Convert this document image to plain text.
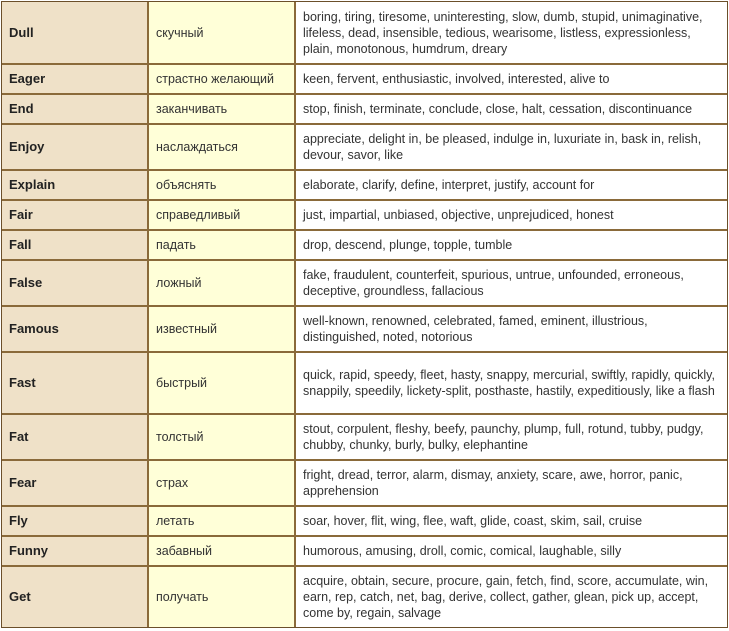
Dull	скучный	boring, tiring, tiresome, uninteresting, slow, dumb, stupid, unimaginative, lifeless, dead, insensible, tedious, wearisome, listless, expressionless, plain, monotonous, humdrum, dreary
Eager	страстно желающий	keen, fervent, enthusiastic, involved, interested, alive to
End	заканчивать	stop, finish, terminate, conclude, close, halt, cessation, discontinuance
Enjoy	наслаждаться	appreciate, delight in, be pleased, indulge in, luxuriate in, bask in, relish, devour, savor, like
Explain	объяснять	elaborate, clarify, define, interpret, justify, account for
Fair	справедливый	just, impartial, unbiased, objective, unprejudiced, honest
Fall	падать	drop, descend, plunge, topple, tumble
False	ложный	fake, fraudulent, counterfeit, spurious, untrue, unfounded, erroneous, deceptive, groundless, fallacious
Famous	известный	well-known, renowned, celebrated, famed, eminent, illustrious, distinguished, noted, notorious
Fast	быстрый	quick, rapid, speedy, fleet, hasty, snappy, mercurial, swiftly, rapidly, quickly, snappily, speedily, lickety-split, posthaste, hastily, expeditiously, like a flash
Fat	толстый	stout, corpulent, fleshy, beefy, paunchy, plump, full, rotund, tubby, pudgy, chubby, chunky, burly, bulky, elephantine
Fear	страх	fright, dread, terror, alarm, dismay, anxiety, scare, awe, horror, panic, apprehension
Fly	летать	soar, hover, flit, wing, flee, waft, glide, coast, skim, sail, cruise
Funny	забавный	humorous, amusing, droll, comic, comical, laughable, silly
Get	получать	acquire, obtain, secure, procure, gain, fetch, find, score, accumulate, win, earn, rep, catch, net, bag, derive, collect, gather, glean, pick up, accept, come by, regain, salvage
